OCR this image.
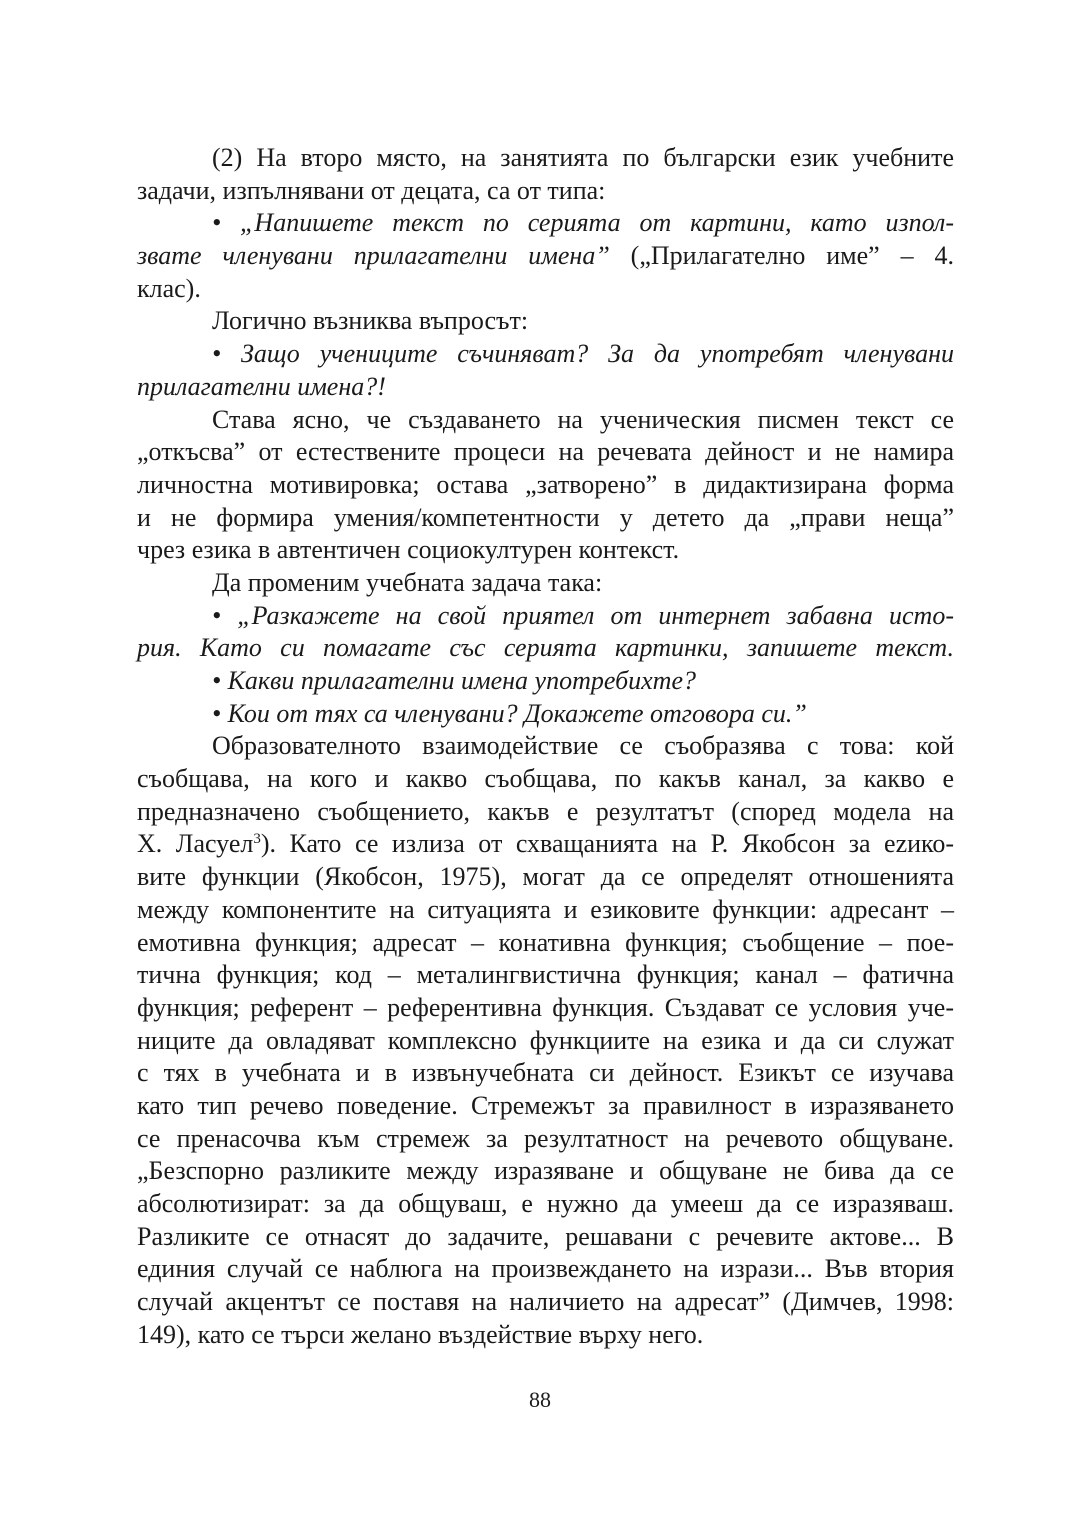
(2) На второ място, на занятията по български език учебните
задачи, изпълнявани от децата, са от типа:
• „Напишете текст по серията от картини, като изпол-
звате членувани прилагателни имена” („Прилагателно име” – 4.
клас).
Логично възниква въпросът:
• Защо учениците съчиняват? За да употребят членувани
прилагателни имена?!
Става ясно, че създаването на ученическия писмен текст се
„откъсва” от естествените процеси на речевата дейност и не намира
личностна мотивировка; остава „затворено” в дидактизирана форма
и не формира умения/компетентности у детето да „прави неща”
чрез езика в автентичен социокултурен контекст.
Да променим учебната задача така:
• „Разкажете на свой приятел от интернет забавна исто-
рия. Като си помагате със серията картинки, запишете текст.
• Какви прилагателни имена употребихте?
• Кои от тях са членувани? Докажете отговора си.”
Образователното взаимодействие се съобразява с това: кой
съобщава, на кого и какво съобщава, по какъв канал, за какво е
предназначено съобщението, какъв е резултатът (според модела на
Х. Ласуел$^3$). Като се излиза от схващанията на Р. Якобсон за ezико-
вите функции (Якобсон, 1975), могат да се определят отношенията
между компонентите на ситуацията и езиковите функции: адресант –
емотивна функция; адресат – конативна функция; съобщение – пое-
тична функция; код – металингвистична функция; канал – фатична
функция; референт – референтивна функция. Създават се условия уче-
ниците да овладяват комплексно функциите на езика и да си служат
с тях в учебната и в извънучебната си дейност. Езикът се изучава
като тип речево поведение. Стремежът за правилност в изразяването
се пренасочва към стремеж за резултатност на речевото общуване.
„Безспорно разликите между изразяване и общуване не бива да се
абсолютизират: за да общуваш, е нужно да умееш да се изразяваш.
Разликите се отнасят до задачите, решавани с речевите актове... В
единия случай се наблюга на произвеждането на изрази... Във втория
случай акцентът се поставя на наличието на адресат” (Димчев, 1998:
149), като се търси желано въздействие върху него.
88
